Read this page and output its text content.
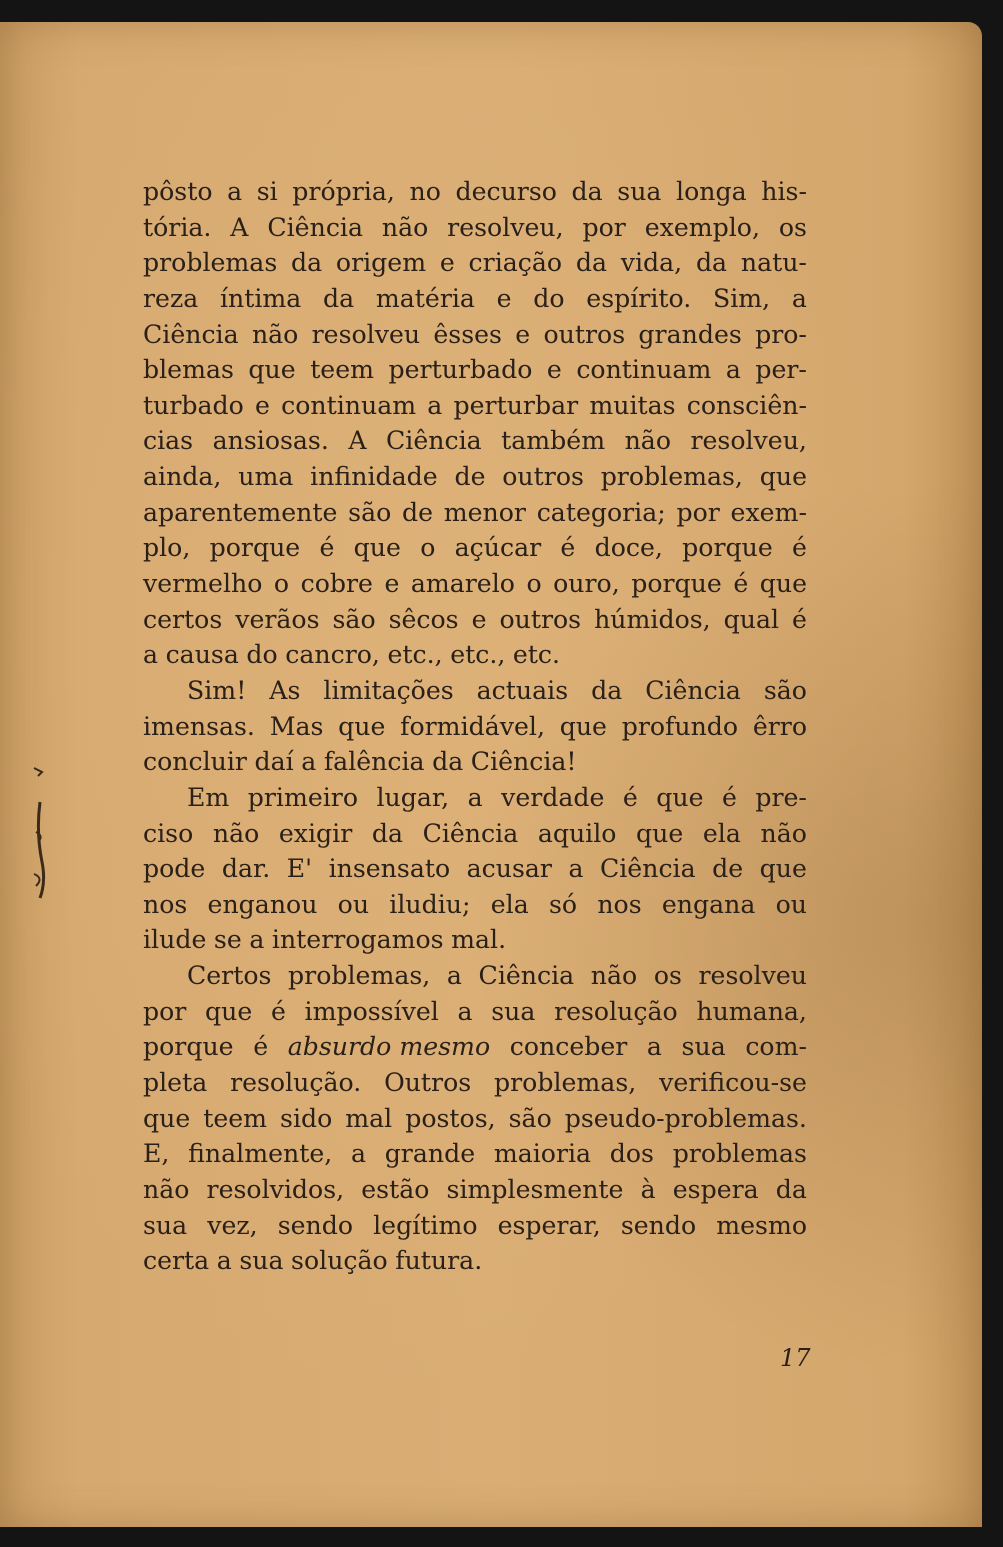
pôsto a si própria, no decurso da sua longa his-
tória. A Ciência não resolveu, por exemplo, os
problemas da origem e criação da vida, da natu-
reza íntima da matéria e do espírito. Sim, a
Ciência não resolveu êsses e outros grandes pro-
blemas que teem perturbado e continuam a per-
turbado e continuam a perturbar muitas consciên-
cias ansiosas. A Ciência também não resolveu,
ainda, uma infinidade de outros problemas, que
aparentemente são de menor categoria; por exem-
plo, porque é que o açúcar é doce, porque é
vermelho o cobre e amarelo o ouro, porque é que
certos verãos são sêcos e outros húmidos, qual é
a causa do cancro, etc., etc., etc.
Sim! As limitações actuais da Ciência são
imensas. Mas que formidável, que profundo êrro
concluir daí a falência da Ciência!
Em primeiro lugar, a verdade é que é pre-
ciso não exigir da Ciência aquilo que ela não
pode dar. E' insensato acusar a Ciência de que
nos enganou ou iludiu; ela só nos engana ou
ilude se a interrogamos mal.
Certos problemas, a Ciência não os resolveu
por que é impossível a sua resolução humana,
porque é absurdo mesmo conceber a sua com-
pleta resolução. Outros problemas, verificou-se
que teem sido mal postos, são pseudo-problemas.
E, finalmente, a grande maioria dos problemas
não resolvidos, estão simplesmente à espera da
sua vez, sendo legítimo esperar, sendo mesmo
certa a sua solução futura.
17
